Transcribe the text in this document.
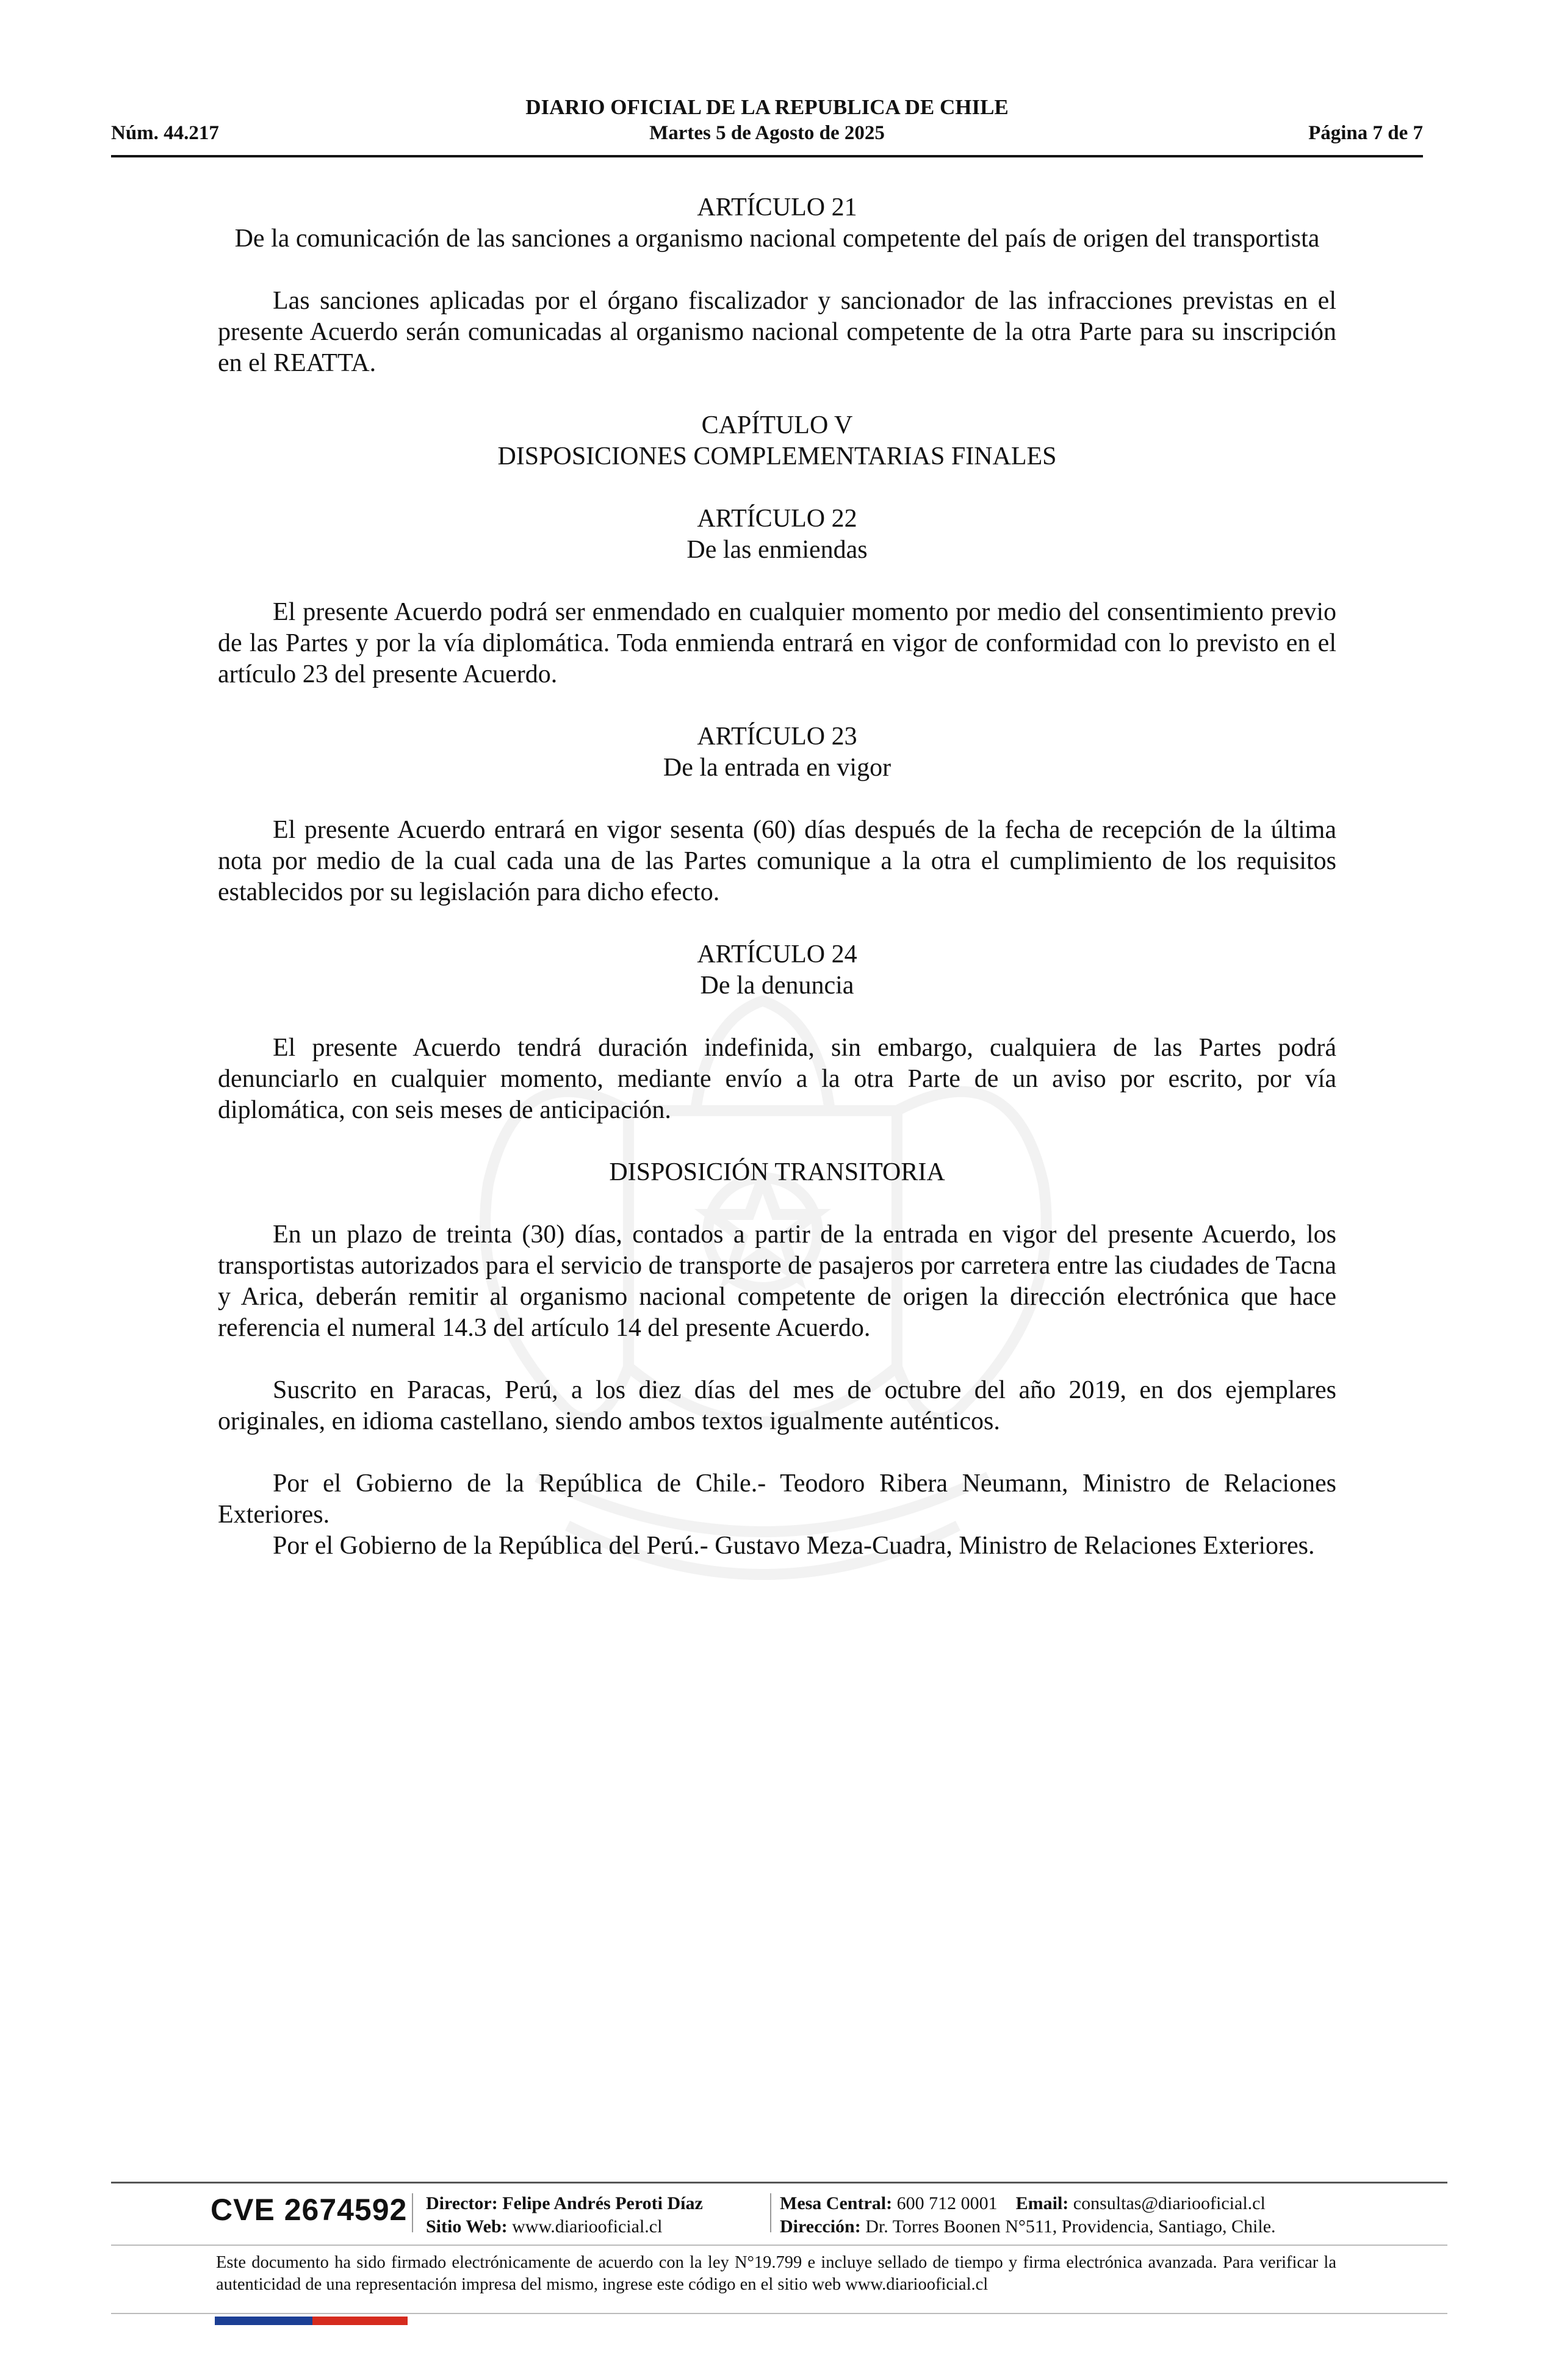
DIARIO OFICIAL DE LA REPUBLICA DE CHILE
Núm. 44.217	Martes 5 de Agosto de 2025	Página 7 de 7
ARTÍCULO 21
De la comunicación de las sanciones a organismo nacional competente del país de origen del transportista

Las sanciones aplicadas por el órgano fiscalizador y sancionador de las infracciones previstas en el presente Acuerdo serán comunicadas al organismo nacional competente de la otra Parte para su inscripción en el REATTA.

CAPÍTULO V
DISPOSICIONES COMPLEMENTARIAS FINALES
ARTÍCULO 22
De las enmiendas

El presente Acuerdo podrá ser enmendado en cualquier momento por medio del consentimiento previo de las Partes y por la vía diplomática. Toda enmienda entrará en vigor de conformidad con lo previsto en el artículo 23 del presente Acuerdo.

ARTÍCULO 23
De la entrada en vigor

El presente Acuerdo entrará en vigor sesenta (60) días después de la fecha de recepción de la última nota por medio de la cual cada una de las Partes comunique a la otra el cumplimiento de los requisitos establecidos por su legislación para dicho efecto.

ARTÍCULO 24
De la denuncia

El presente Acuerdo tendrá duración indefinida, sin embargo, cualquiera de las Partes podrá denunciarlo en cualquier momento, mediante envío a la otra Parte de un aviso por escrito, por vía diplomática, con seis meses de anticipación.

DISPOSICIÓN TRANSITORIA

En un plazo de treinta (30) días, contados a partir de la entrada en vigor del presente Acuerdo, los transportistas autorizados para el servicio de transporte de pasajeros por carretera entre las ciudades de Tacna y Arica, deberán remitir al organismo nacional competente de origen la dirección electrónica que hace referencia el numeral 14.3 del artículo 14 del presente Acuerdo.

Suscrito en Paracas, Perú, a los diez días del mes de octubre del año 2019, en dos ejemplares originales, en idioma castellano, siendo ambos textos igualmente auténticos.

Por el Gobierno de la República de Chile.- Teodoro Ribera Neumann, Ministro de Relaciones Exteriores.

Por el Gobierno de la República del Perú.- Gustavo Meza-Cuadra, Ministro de Relaciones Exteriores.

CVE 2674592 Director: Felipe Andrés Peroti Díaz
Sitio Web: www.diariooficial.cl
Mesa Central: 600 712 0001 Email: consultas@diariooficial.cl
Dirección: Dr. Torres Boonen N°511, Providencia, Santiago, Chile.
Este documento ha sido firmado electrónicamente de acuerdo con la ley N°19.799 e incluye sellado de tiempo y firma electrónica avanzada. Para verificar la autenticidad de una representación impresa del mismo, ingrese este código en el sitio web www.diariooficial.cl
